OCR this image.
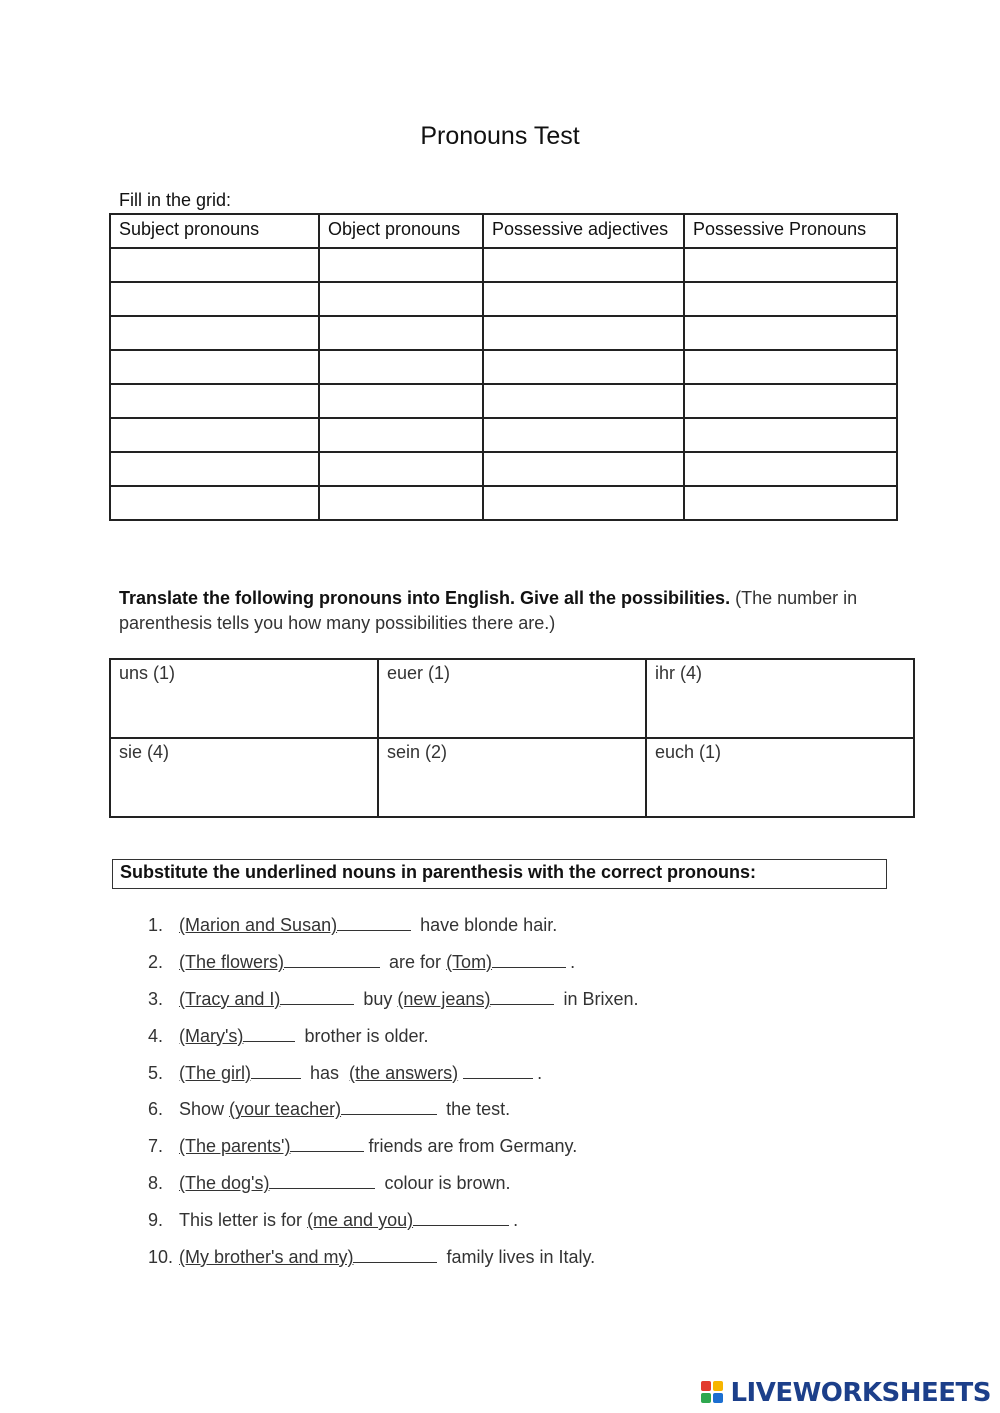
Pronouns Test
Fill in the grid:
Subject pronouns	Object pronouns	Possessive adjectives	Possessive Pronouns

Translate the following pronouns into English. Give all the possibilities. (The number in parenthesis tells you how many possibilities there are.)
uns (1)	euer (1)	ihr (4)
sie (4)	sein (2)	euch (1)
Substitute the underlined nouns in parenthesis with the correct pronouns:
1. (Marion and Susan)	have blonde hair.
2. (The flowers)	are for (Tom)	.
3. (Tracy and I)	buy (new jeans)	in Brixen.
4. (Mary's)	brother is older.
5. (The girl)	has  (the answers)	.
6. Show (your teacher)	the test.
7. (The parents')	friends are from Germany.
8. (The dog's)	colour is brown.
9. This letter is for (me and you)	.
10. (My brother's and my)	family lives in Italy.
LIVEWORKSHEETS
